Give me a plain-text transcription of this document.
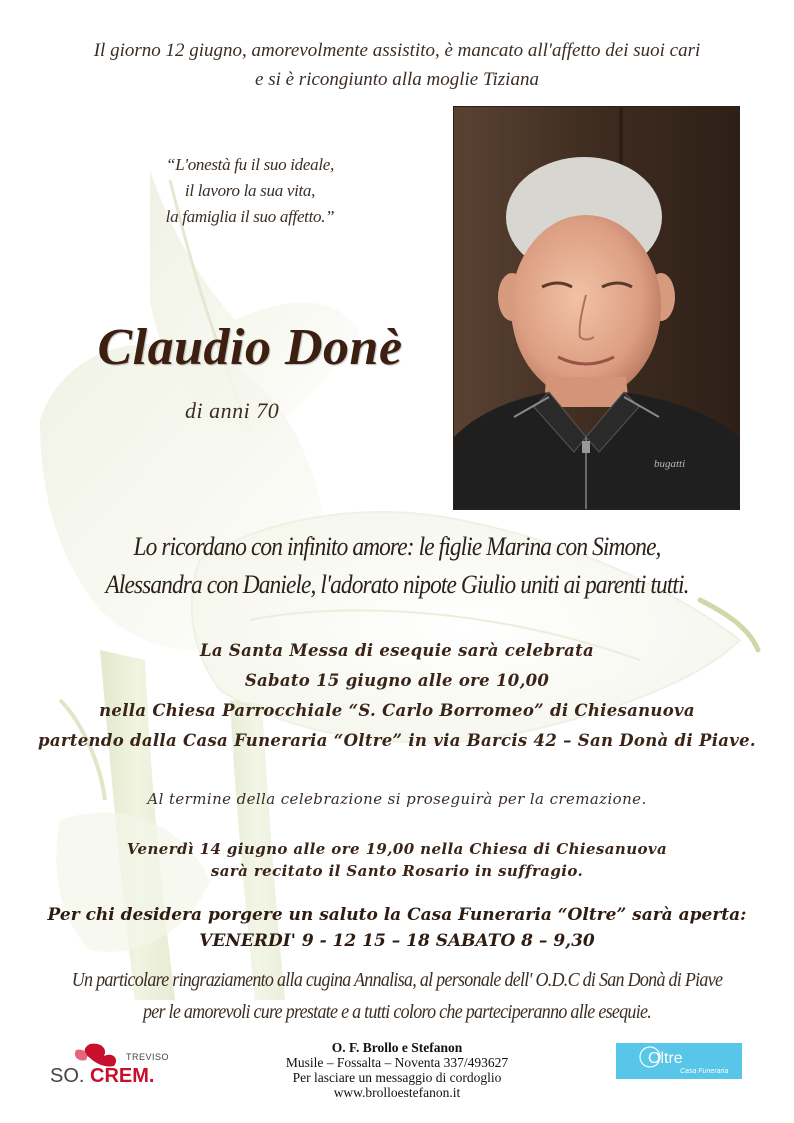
Il giorno 12 giugno, amorevolmente assistito, è mancato all'affetto dei suoi cari
e si è ricongiunto alla moglie Tiziana
“L'onestà fu il suo ideale,
il lavoro la sua vita,
la famiglia il suo affetto.”
Claudio Donè
di anni 70
bugatti
Lo ricordano con infinito amore: le figlie Marina con Simone,
Alessandra con Daniele, l'adorato nipote Giulio uniti ai parenti tutti.
La Santa Messa di esequie sarà celebrata
Sabato 15 giugno alle ore 10,00
nella Chiesa Parrocchiale “S. Carlo Borromeo” di Chiesanuova
partendo dalla Casa Funeraria “Oltre” in via Barcis 42 – San Donà di Piave.
Al termine della celebrazione si proseguirà per la cremazione.
Venerdì 14 giugno alle ore 19,00 nella Chiesa di Chiesanuova
sarà recitato il Santo Rosario in suffragio.
Per chi desidera porgere un saluto la Casa Funeraria “Oltre” sarà aperta:
VENERDI' 9 - 12 15 – 18 SABATO 8 – 9,30
Un particolare ringraziamento alla cugina Annalisa, al personale dell' O.D.C di San Donà di Piave
per le amorevoli cure prestate e a tutti coloro che parteciperanno alle esequie.
TREVISO
SO. CREM.
O. F. Brollo e Stefanon
Musile – Fossalta – Noventa 337/493627
Per lasciare un messaggio di cordoglio
www.brolloestefanon.it
Oltre
Casa Funeraria
